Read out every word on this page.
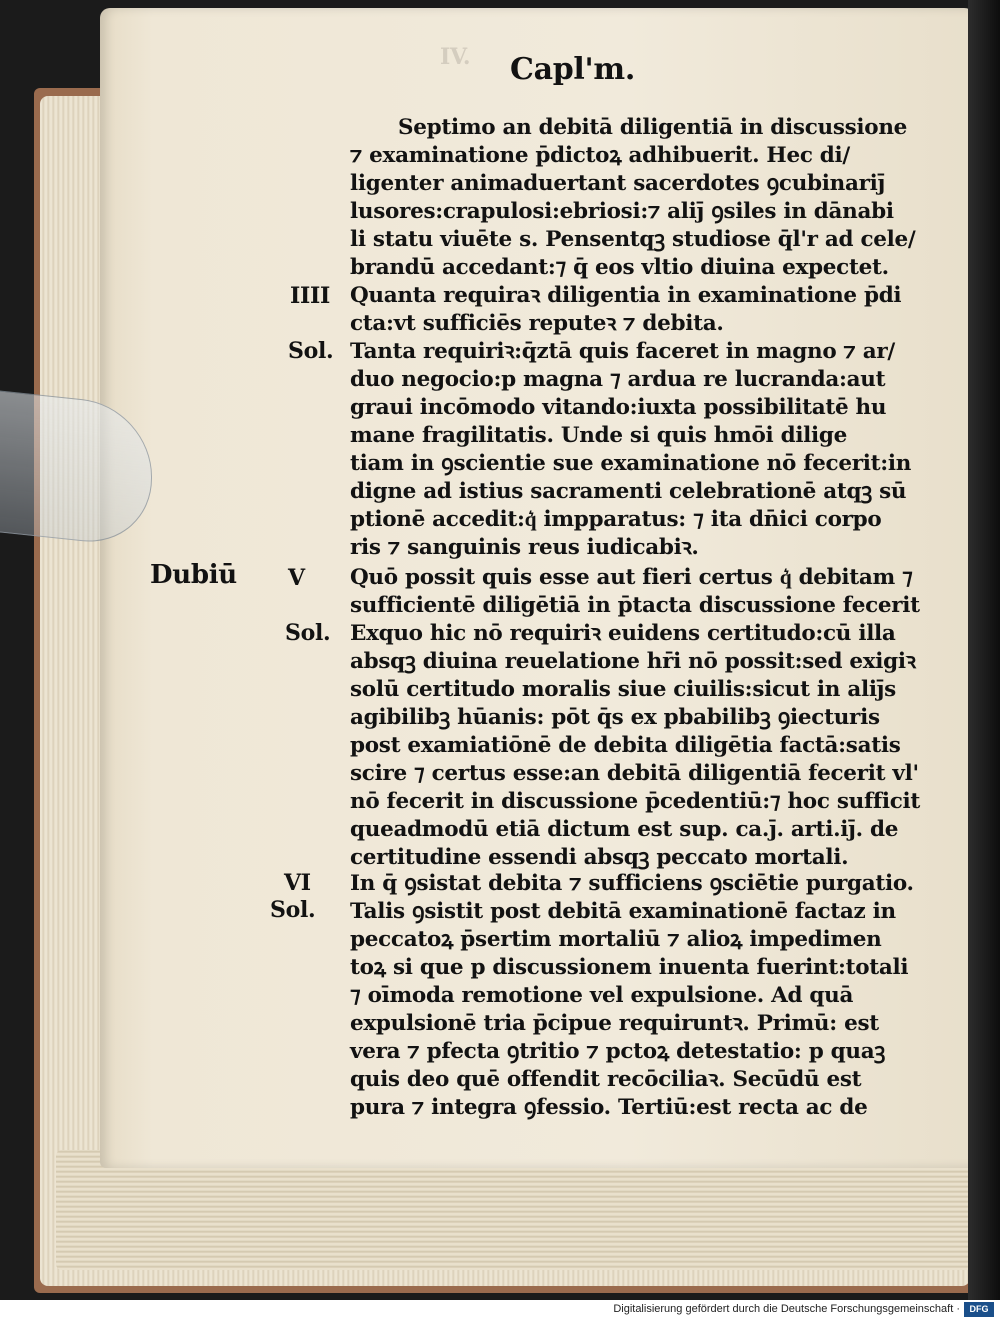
IV. Capl'm.
Dubiū
IIII
Sol.
V
Sol.
VI
Sol.
Septimo an debitā diligentiā in discussione
⁊ examinatione p̄dictoꝝ adhibuerit. Hec di/
ligenter animaduertant sacerdotes ꝯcubinariȷ̄
lusores:crapulosi:ebriosi:⁊ aliȷ̄ ꝯsiles in dānabi
li statu viuēte s. Pensentqꝫ studiose q̄l'r ad cele/
brandū accedant:⁊ q̄ eos vltio diuina expectet.
Quanta requiraꝛ diligentia in examinatione p̄di
cta:vt sufficiēs reputeꝛ ⁊ debita.
Tanta requiriꝛ:q̄ztā quis faceret in magno ⁊ ar/
duo negocio:p magna ⁊ ardua re lucranda:aut
graui incōmodo vitando:iuxta possibilitatē hu
mane fragilitatis. Unde si quis hmōi dilige
tiam in ꝯscientie sue examinatione nō fecerit:in
digne ad istius sacramenti celebrationē atqꝫ sū
ptionē accedit:q͛ impparatus: ⁊ ita dn̄ici corpo
ris ⁊ sanguinis reus iudicabiꝛ.
Quō possit quis esse aut fieri certus q͛ debitam ⁊
sufficientē diligētiā in p̄tacta discussione fecerit
Exquo hic nō requiriꝛ euidens certitudo:cū illa
absqꝫ diuina reuelatione hr̄i nō possit:sed exigiꝛ
solū certitudo moralis siue ciuilis:sicut in aliȷ̄s
agibilibꝫ hūanis: pōt q̄s ex pbabilibꝫ ꝯiecturis
post examiatiōnē de debita diligētia factā:satis
scire ⁊ certus esse:an debitā diligentiā fecerit vl'
nō fecerit in discussione p̄cedentiū:⁊ hoc sufficit
queadmodū etiā dictum est sup. ca.ȷ̄. arti.iȷ̄. de
certitudine essendi absqꝫ peccato mortali.
In q̄ ꝯsistat debita ⁊ sufficiens ꝯsciētie purgatio.
Talis ꝯsistit post debitā examinationē factaz in
peccatoꝝ p̄sertim mortaliū ⁊ alioꝝ impedimen
toꝝ si que p discussionem inuenta fuerint:totali
⁊ oīmoda remotione vel expulsione. Ad quā
expulsionē tria p̄cipue requiruntꝛ. Primū: est
vera ⁊ pfecta ꝯtritio ⁊ pctoꝝ detestatio: p quaꝫ
quis deo quē offendit recōciliaꝛ. Secūdū est
pura ⁊ integra ꝯfessio. Tertiū:est recta ac de
Digitalisierung gefördert durch die Deutsche Forschungsgemeinschaft ·	DFG
